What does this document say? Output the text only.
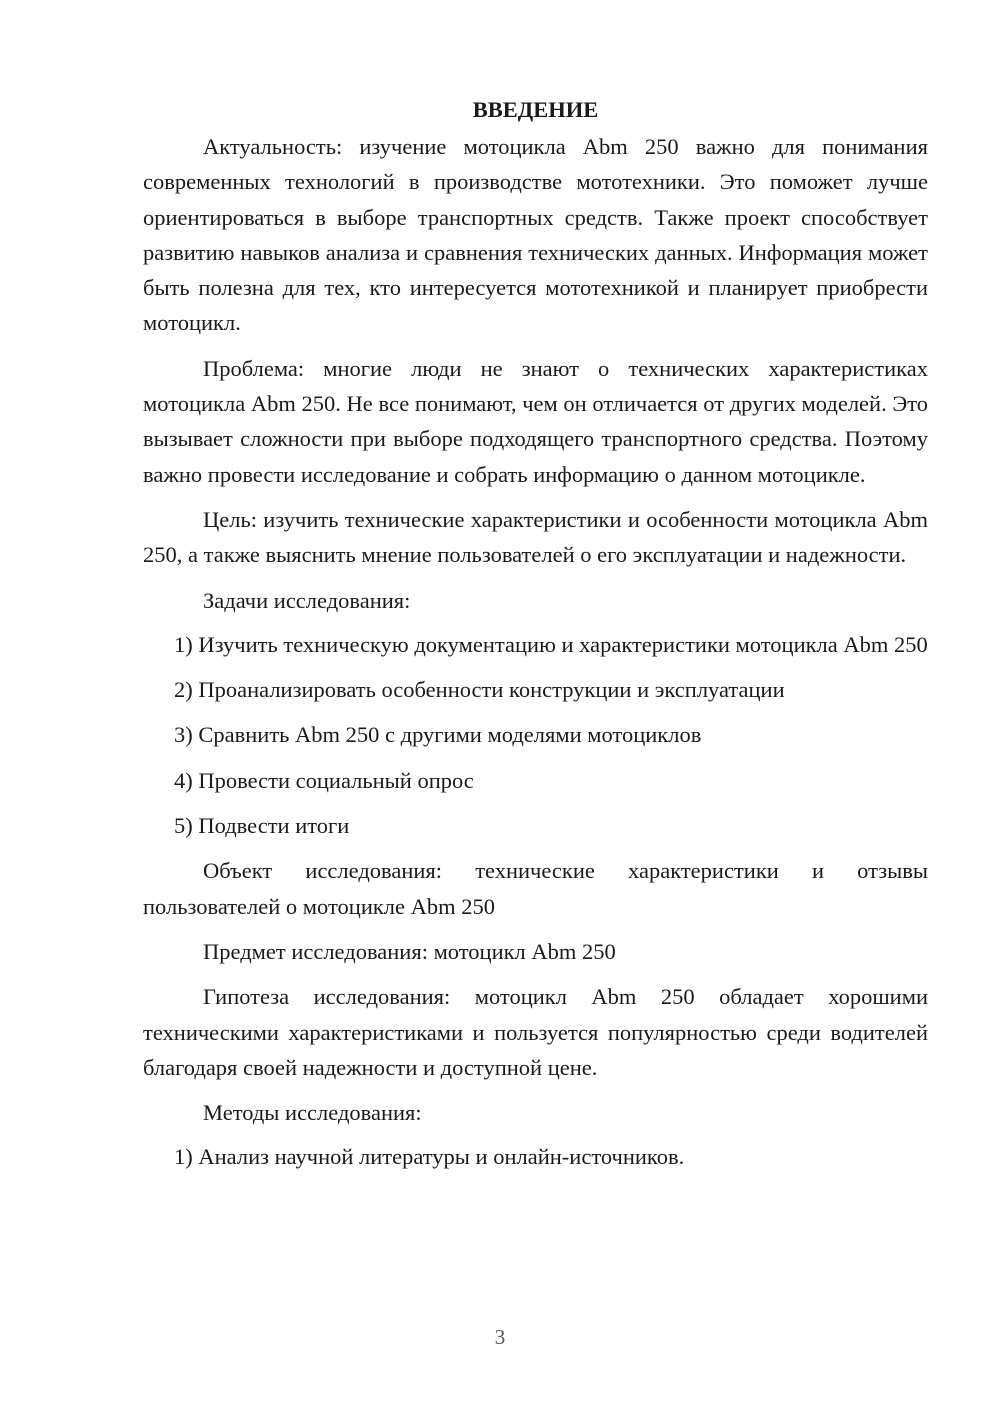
ВВЕДЕНИЕ

Актуальность: изучение мотоцикла Abm 250 важно для понимания современных технологий в производстве мототехники. Это поможет лучше ориентироваться в выборе транспортных средств. Также проект способствует развитию навыков анализа и сравнения технических данных. Информация может быть полезна для тех, кто интересуется мототехникой и планирует приобрести мотоцикл.

Проблема: многие люди не знают о технических характеристиках мотоцикла Abm 250. Не все понимают, чем он отличается от других моделей. Это вызывает сложности при выборе подходящего транспортного средства. Поэтому важно провести исследование и собрать информацию о данном мотоцикле.

Цель: изучить технические характеристики и особенности мотоцикла Abm 250, а также выяснить мнение пользователей о его эксплуатации и надежности.

Задачи исследования:

1) Изучить техническую документацию и характеристики мотоцикла Abm 250
2) Проанализировать особенности конструкции и эксплуатации
3) Сравнить Abm 250 с другими моделями мотоциклов
4) Провести социальный опрос
5) Подвести итоги

Объект исследования: технические характеристики и отзывы пользователей о мотоцикле Abm 250

Предмет исследования: мотоцикл Abm 250

Гипотеза исследования: мотоцикл Abm 250 обладает хорошими техническими характеристиками и пользуется популярностью среди водителей благодаря своей надежности и доступной цене.

Методы исследования:

1) Анализ научной литературы и онлайн-источников.
3
